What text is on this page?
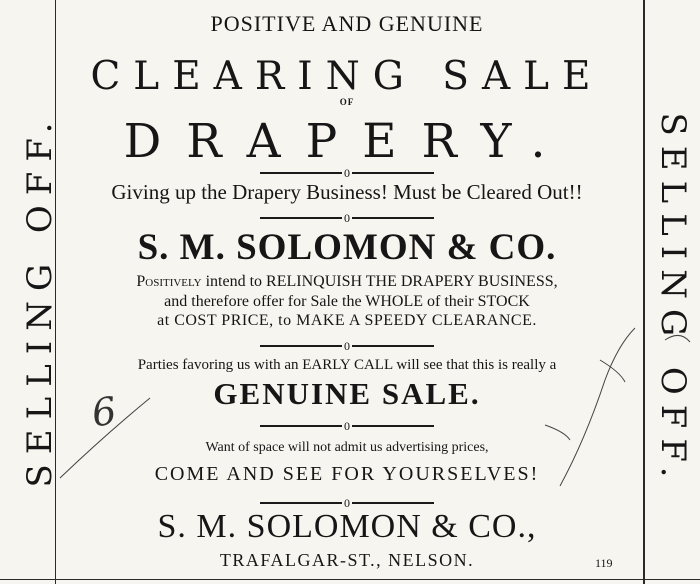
SELLING OFF.	SELLING OFF.
POSITIVE AND GENUINE
CLEARING SALE
OF
DRAPERY.
0
Giving up the Drapery Business! Must be Cleared Out!!
0
S. M. SOLOMON & CO.
Positively intend to RELINQUISH THE DRAPERY BUSINESS,
and therefore offer for Sale the WHOLE of their STOCK
at COST PRICE, to MAKE A SPEEDY CLEARANCE.
0
Parties favoring us with an EARLY CALL will see that this is really a
GENUINE SALE.
0
Want of space will not admit us advertising prices,
COME AND SEE FOR YOURSELVES!
0
S. M. SOLOMON & CO.,
TRAFALGAR-ST., NELSON.	119
6
